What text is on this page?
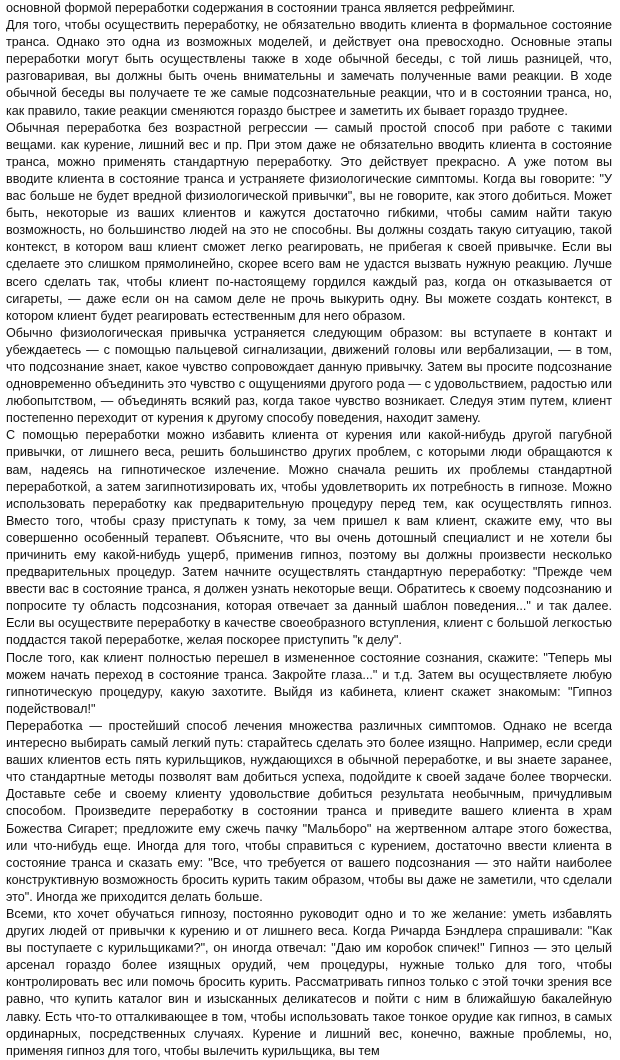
основной формой переработки содержания в состоянии транса является рефрейминг.

Для того, чтобы осуществить переработку, не обязательно вводить клиента в формальное состояние транса. Однако это одна из возможных моделей, и действует она превосходно. Основные этапы переработки могут быть осуществлены также в ходе обычной беседы, с той лишь разницей, что, разговаривая, вы должны быть очень внимательны и замечать полученные вами реакции. В ходе обычной беседы вы получаете те же самые подсознательные реакции, что и в состоянии транса, но, как правило, такие реакции сменяются гораздо быстрее и заметить их бывает гораздо труднее.

Обычная переработка без возрастной регрессии — самый простой способ при работе с такими вещами. как курение, лишний вес и пр. При этом даже не обязательно вводить клиента в состояние транса, можно применять стандартную переработку. Это действует прекрасно. А уже потом вы вводите клиента в состояние транса и устраняете физиологические симптомы. Когда вы говорите: "У вас больше не будет вредной физиологической привычки", вы не говорите, как этого добиться. Может быть, некоторые из ваших клиентов и кажутся достаточно гибкими, чтобы самим найти такую возможность, но большинство людей на это не способны. Вы должны создать такую ситуацию, такой контекст, в котором ваш клиент сможет легко реагировать, не прибегая к своей привычке. Если вы сделаете это слишком прямолинейно, скорее всего вам не удастся вызвать нужную реакцию. Лучше всего сделать так, чтобы клиент по-настоящему гордился каждый раз, когда он отказывается от сигареты, — даже если он на самом деле не прочь выкурить одну. Вы можете создать контекст, в котором клиент будет реагировать естественным для него образом.

Обычно физиологическая привычка устраняется следующим образом: вы вступаете в контакт и убеждаетесь — с помощью пальцевой сигнализации, движений головы или вербализации, — в том, что подсознание знает, какое чувство сопровождает данную привычку. Затем вы просите подсознание одновременно объединить это чувство с ощущениями другого рода — с удовольствием, радостью или любопытством, — объединять всякий раз, когда такое чувство возникает. Следуя этим путем, клиент постепенно переходит от курения к другому способу поведения, находит замену.

С помощью переработки можно избавить клиента от курения или какой-нибудь другой пагубной привычки, от лишнего веса, решить большинство других проблем, с которыми люди обращаются к вам, надеясь на гипнотическое излечение. Можно сначала решить их проблемы стандартной переработкой, а затем загипнотизировать их, чтобы удовлетворить их потребность в гипнозе. Можно использовать переработку как предварительную процедуру перед тем, как осуществлять гипноз. Вместо того, чтобы сразу приступать к тому, за чем пришел к вам клиент, скажите ему, что вы совершенно особенный терапевт. Объясните, что вы очень дотошный специалист и не хотели бы причинить ему какой-нибудь ущерб, применив гипноз, поэтому вы должны произвести несколько предварительных процедур. Затем начните осуществлять стандартную переработку: "Прежде чем ввести вас в состояние транса, я должен узнать некоторые вещи. Обратитесь к своему подсознанию и попросите ту область подсознания, которая отвечает за данный шаблон поведения..." и так далее. Если вы осуществите переработку в качестве своеобразного вступления, клиент с большой легкостью поддастся такой переработке, желая поскорее приступить "к делу".

После того, как клиент полностью перешел в измененное состояние сознания, скажите: "Теперь мы можем начать переход в состояние транса. Закройте глаза..." и т.д. Затем вы осуществляете любую гипнотическую процедуру, какую захотите. Выйдя из кабинета, клиент скажет знакомым: "Гипноз подействовал!"

Переработка — простейший способ лечения множества различных симптомов. Однако не всегда интересно выбирать самый легкий путь: старайтесь сделать это более изящно. Например, если среди ваших клиентов есть пять курильщиков, нуждающихся в обычной переработке, и вы знаете заранее, что стандартные методы позволят вам добиться успеха, подойдите к своей задаче более творчески. Доставьте себе и своему клиенту удовольствие добиться результата необычным, причудливым способом. Произведите переработку в состоянии транса и приведите вашего клиента в храм Божества Сигарет; предложите ему сжечь пачку "Мальборо" на жертвенном алтаре этого божества, или что-нибудь еще. Иногда для того, чтобы справиться с курением, достаточно ввести клиента в состояние транса и сказать ему: "Все, что требуется от вашего подсознания — это найти наиболее конструктивную возможность бросить курить таким образом, чтобы вы даже не заметили, что сделали это". Иногда же приходится делать больше.

Всеми, кто хочет обучаться гипнозу, постоянно руководит одно и то же желание: уметь избавлять других людей от привычки к курению и от лишнего веса. Когда Ричарда Бэндлера спрашивали: "Как вы поступаете с курильщиками?", он иногда отвечал: "Даю им коробок спичек!" Гипноз — это целый арсенал гораздо более изящных орудий, чем процедуры, нужные только для того, чтобы контролировать вес или помочь бросить курить. Рассматривать гипноз только с этой точки зрения все равно, что купить каталог вин и изысканных деликатесов и пойти с ним в ближайшую бакалейную лавку. Есть что-то отталкивающее в том, чтобы использовать такое тонкое орудие как гипноз, в самых ординарных, посредственных случаях. Курение и лишний вес, конечно, важные проблемы, но, применяя гипноз для того, чтобы вылечить курильщика, вы тем
